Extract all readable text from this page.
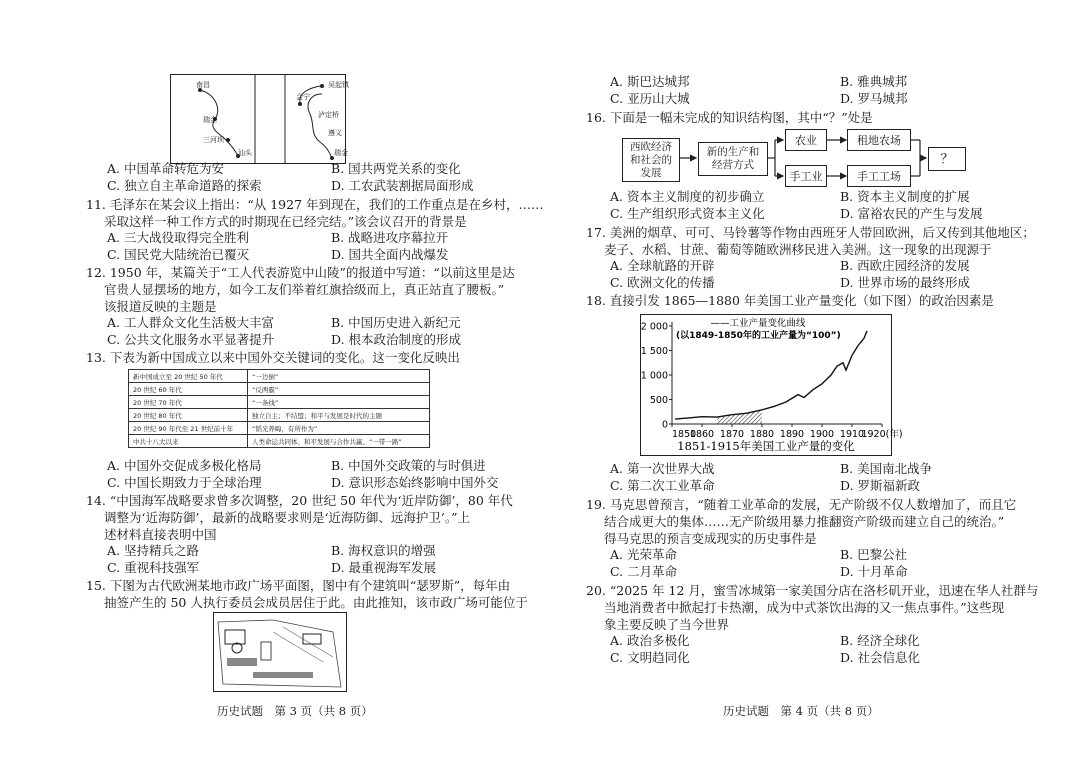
南昌
瑞金
三河坝
汕头
吴起镇
会宁
泸定桥
遵义
瑞金
A. 中国革命转危为安	B. 国共两党关系的变化
C. 独立自主革命道路的探索	D. 工农武装割据局面形成
11. 毛泽东在某会议上指出：“从 1927 年到现在，我们的工作重点是在乡村，……
采取这样一种工作方式的时期现在已经完结。”该会议召开的背景是
A. 三大战役取得完全胜利	B. 战略进攻序幕拉开
C. 国民党大陆统治已覆灭	D. 国共全面内战爆发
12. 1950 年，某篇关于“工人代表游览中山陵”的报道中写道：“以前这里是达
官贵人显摆场的地方，如今工友们举着红旗拾级而上，真正站直了腰板。”
该报道反映的主题是
A. 工人群众文化生活极大丰富	B. 中国历史进入新纪元
C. 公共文化服务水平显著提升	D. 根本政治制度的形成
13. 下表为新中国成立以来中国外交关键词的变化。这一变化反映出
新中国成立至 20 世纪 50 年代	“一边倒”
20 世纪 60 年代	“反两霸”
20 世纪 70 年代	“一条线”
20 世纪 80 年代	独立自主；不结盟；和平与发展是时代的主题
20 世纪 90 年代至 21 世纪前十年	“韬光养晦，有所作为”
中共十八大以来	人类命运共同体、和平发展与合作共赢、“一带一路”
A. 中国外交促成多极化格局	B. 中国外交政策的与时俱进
C. 中国长期致力于全球治理	D. 意识形态始终影响中国外交
14. “中国海军战略要求曾多次调整，20 世纪 50 年代为‘近岸防御’，80 年代
调整为‘近海防御’，最新的战略要求则是‘近海防御、远海护卫’。”上
述材料直接表明中国
A. 坚持精兵之路	B. 海权意识的增强
C. 重视科技强军	D. 最重视海军发展
15. 下图为古代欧洲某地市政广场平面图，图中有个建筑叫“瑟罗斯”，每年由
抽签产生的 50 人执行委员会成员居住于此。由此推知，该市政广场可能位于
历史试题　第 3 页（共 8 页）
A. 斯巴达城邦	B. 雅典城邦
C. 亚历山大城	D. 罗马城邦
16. 下面是一幅未完成的知识结构图，其中“？”处是
西欧经济
和社会的
发展
新的生产和
经营方式
农业	租地农场
手工业	手工工场
？
A. 资本主义制度的初步确立	B. 资本主义制度的扩展
C. 生产组织形式资本主义化	D. 富裕农民的产生与发展
17. 美洲的烟草、可可、马铃薯等作物由西班牙人带回欧洲，后又传到其他地区；
麦子、水稻、甘蔗、葡萄等随欧洲移民进入美洲。这一现象的出现源于
A. 全球航路的开辟	B. 西欧庄园经济的发展
C. 欧洲文化的传播	D. 世界市场的最终形成
18. 直接引发 1865—1880 年美国工业产量变化（如下图）的政治因素是
0
500
1 000
1 500
2 000
1850
1860 1870 1880 1890 1900 1910
1920(年)
——工业产量变化曲线
(以1849-1850年的工业产量为“100”)
1851-1915年美国工业产量的变化
A. 第一次世界大战	B. 美国南北战争
C. 第二次工业革命	D. 罗斯福新政
19. 马克思曾预言，“随着工业革命的发展，无产阶级不仅人数增加了，而且它
结合成更大的集体……无产阶级用暴力推翻资产阶级而建立自己的统治。”
得马克思的预言变成现实的历史事件是
A. 光荣革命	B. 巴黎公社
C. 二月革命	D. 十月革命
20. “2025 年 12 月，蜜雪冰城第一家美国分店在洛杉矶开业，迅速在华人社群与
当地消费者中掀起打卡热潮，成为中式茶饮出海的又一焦点事件。”这些现
象主要反映了当今世界
A. 政治多极化	B. 经济全球化
C. 文明趋同化	D. 社会信息化
历史试题　第 4 页（共 8 页）
